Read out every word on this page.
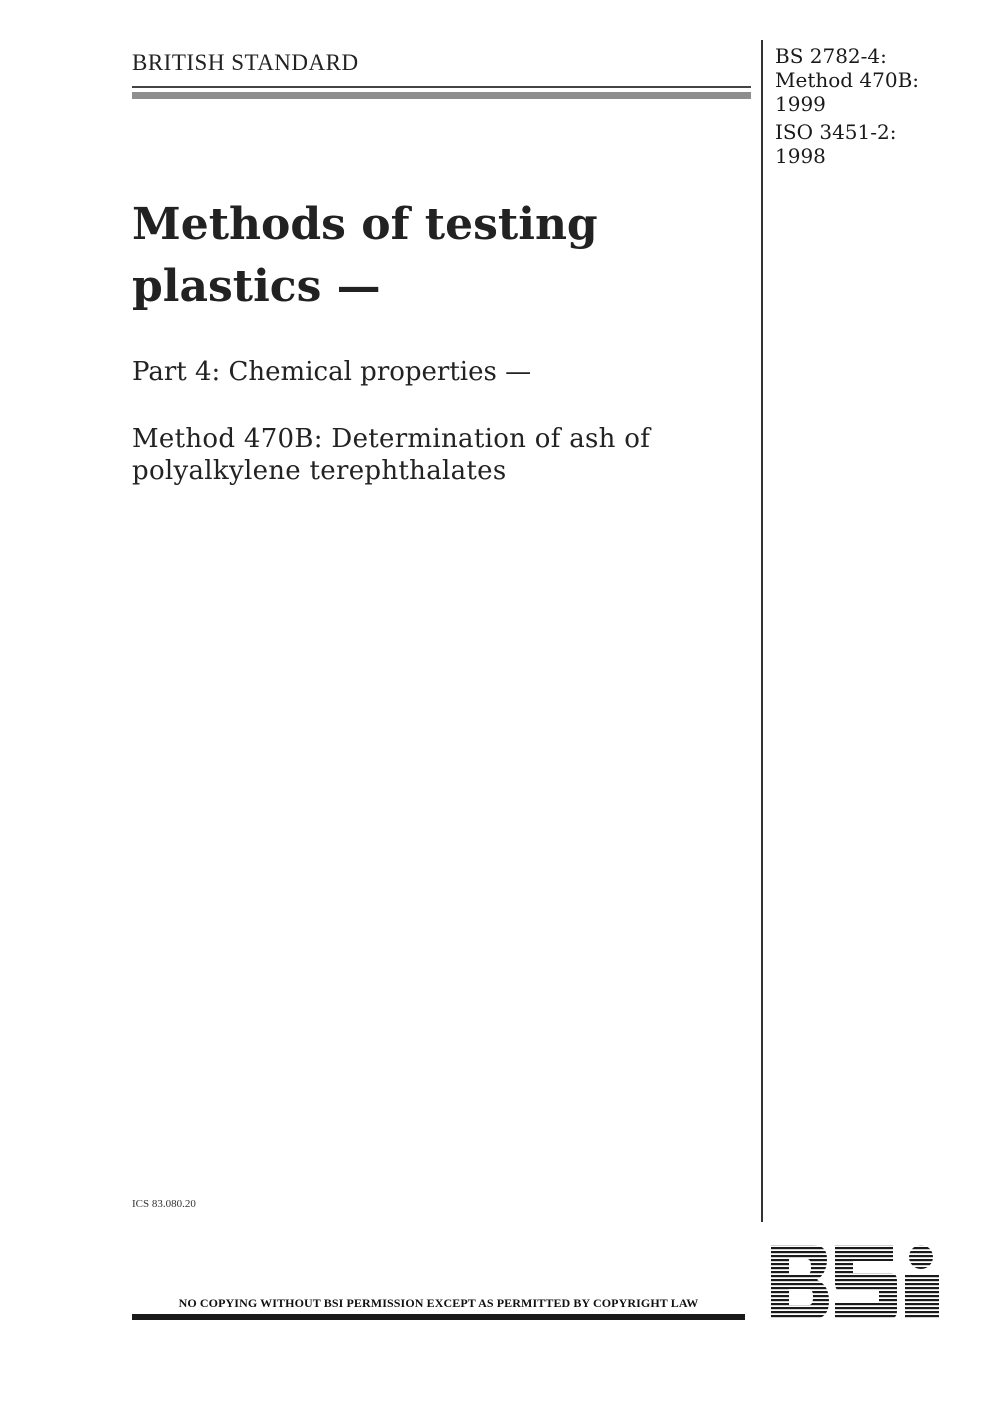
BRITISH STANDARD	BS 2782-4:
Method 470B:
1999
ISO 3451-2:
1998
Methods of testing
plastics —
Part 4: Chemical properties —
Method 470B: Determination of ash of
polyalkylene terephthalates
ICS 83.080.20
NO COPYING WITHOUT BSI PERMISSION EXCEPT AS PERMITTED BY COPYRIGHT LAW
